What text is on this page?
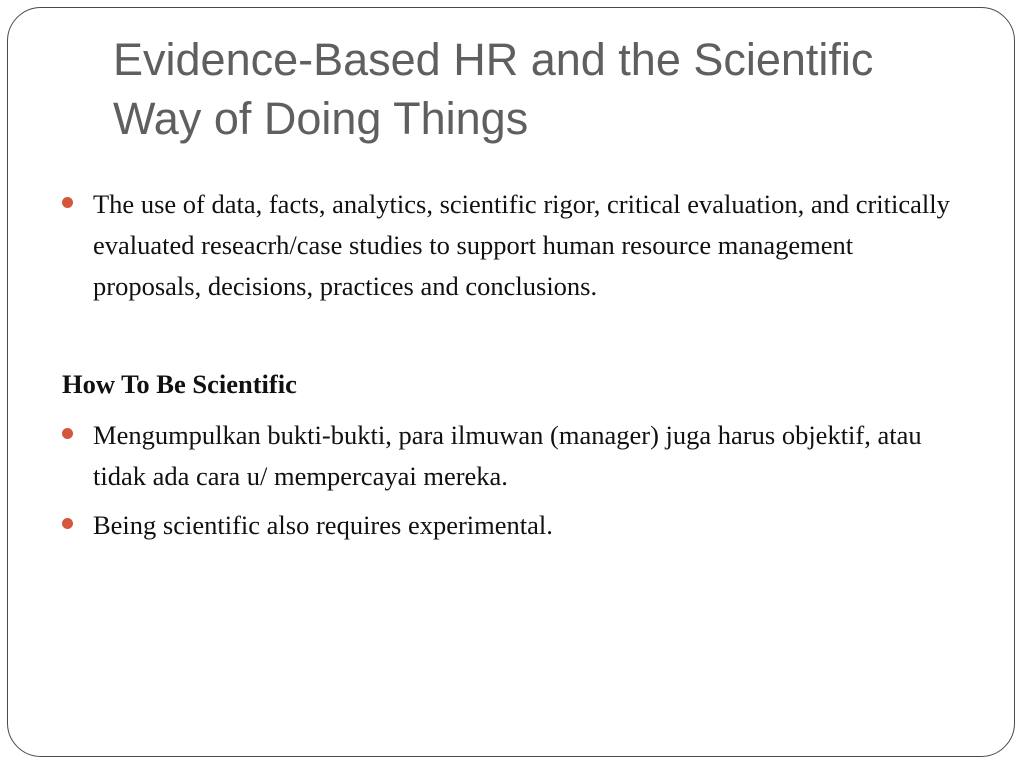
Evidence-Based HR and the Scientific Way of Doing Things
The use of data, facts, analytics, scientific rigor, critical evaluation, and critically evaluated reseacrh/case studies to support human resource management proposals, decisions, practices and conclusions.
How To Be Scientific
Mengumpulkan bukti-bukti, para ilmuwan (manager) juga harus objektif, atau tidak ada cara u/ mempercayai mereka.
Being scientific also requires experimental.
